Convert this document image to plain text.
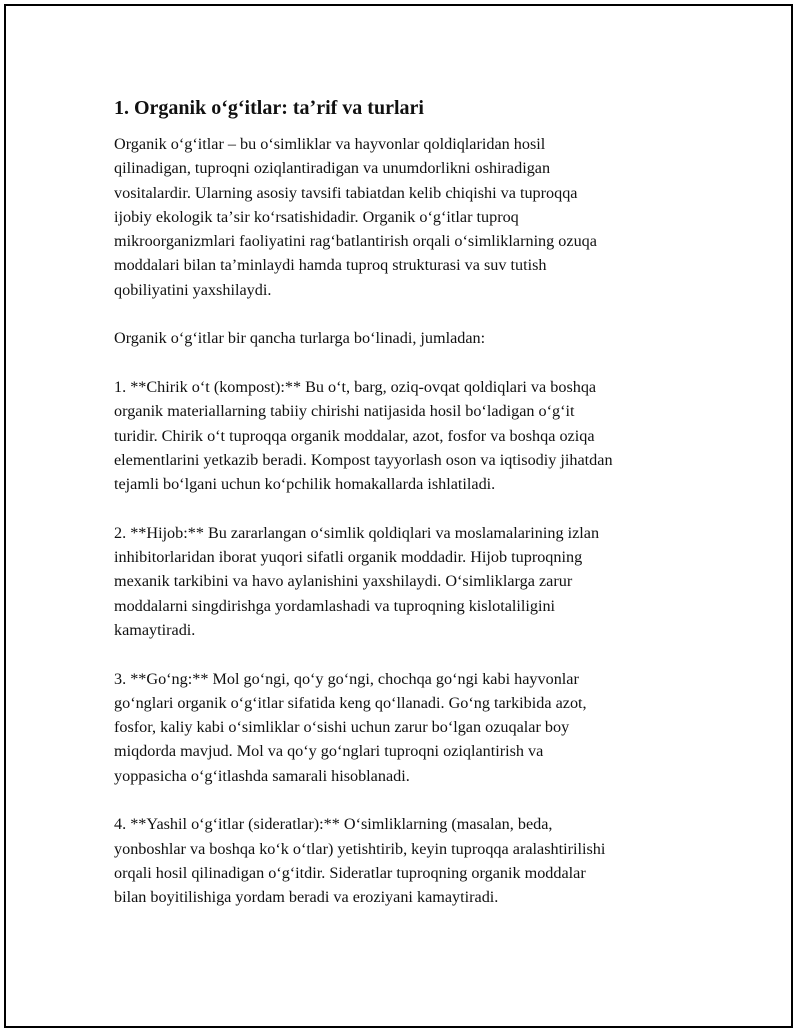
1. Organik oʻgʻitlar: taʼrif va turlari

Organik oʻgʻitlar – bu oʻsimliklar va hayvonlar qoldiqlaridan hosil
qilinadigan, tuproqni oziqlantiradigan va unumdorlikni oshiradigan
vositalardir. Ularning asosiy tavsifi tabiatdan kelib chiqishi va tuproqqa
ijobiy ekologik taʼsir koʻrsatishidadir. Organik oʻgʻitlar tuproq
mikroorganizmlari faoliyatini ragʻbatlantirish orqali oʻsimliklarning ozuqa
moddalari bilan taʼminlaydi hamda tuproq strukturasi va suv tutish
qobiliyatini yaxshilaydi.

Organik oʻgʻitlar bir qancha turlarga boʻlinadi, jumladan:

1. **Chirik oʻt (kompost):** Bu oʻt, barg, oziq-ovqat qoldiqlari va boshqa
organik materiallarning tabiiy chirishi natijasida hosil boʻladigan oʻgʻit
turidir. Chirik oʻt tuproqqa organik moddalar, azot, fosfor va boshqa oziqa
elementlarini yetkazib beradi. Kompost tayyorlash oson va iqtisodiy jihatdan
tejamli boʻlgani uchun koʻpchilik homakallarda ishlatiladi.

2. **Hijob:** Bu zararlangan oʻsimlik qoldiqlari va moslamalarining izlan
inhibitorlaridan iborat yuqori sifatli organik moddadir. Hijob tuproqning
mexanik tarkibini va havo aylanishini yaxshilaydi. Oʻsimliklarga zarur
moddalarni singdirishga yordamlashadi va tuproqning kislotaliligini
kamaytiradi.

3. **Goʻng:** Mol goʻngi, qoʻy goʻngi, chochqa goʻngi kabi hayvonlar
goʻnglari organik oʻgʻitlar sifatida keng qoʻllanadi. Goʻng tarkibida azot,
fosfor, kaliy kabi oʻsimliklar oʻsishi uchun zarur boʻlgan ozuqalar boy
miqdorda mavjud. Mol va qoʻy goʻnglari tuproqni oziqlantirish va
yoppasicha oʻgʻitlashda samarali hisoblanadi.

4. **Yashil oʻgʻitlar (sideratlar):** Oʻsimliklarning (masalan, beda,
yonboshlar va boshqa koʻk oʻtlar) yetishtirib, keyin tuproqqa aralashtirilishi
orqali hosil qilinadigan oʻgʻitdir. Sideratlar tuproqning organik moddalar
bilan boyitilishiga yordam beradi va eroziyani kamaytiradi.
